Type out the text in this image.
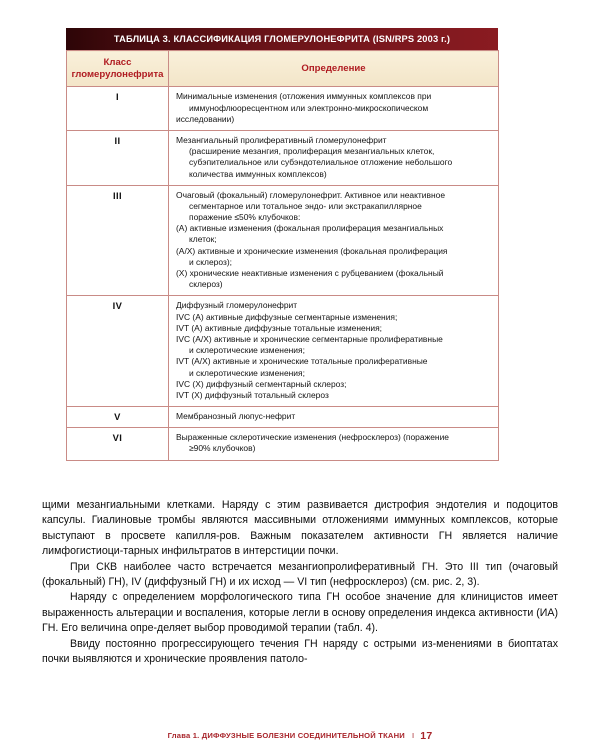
ТАБЛИЦА 3. КЛАССИФИКАЦИЯ ГЛОМЕРУЛОНЕФРИТА (ISN/RPS 2003 г.)
Класс
гломерулонефрита	Определение
I	Минимальные изменения (отложения иммунных комплексов при

иммунофлюоресцентном или электронно-микроскопическом

исследовании)

II	Мезангиальный пролиферативный гломерулонефрит

(расширение мезангия, пролиферация мезангиальных клеток,

субэпителиальное или субэндотелиальное отложение небольшого

количества иммунных комплексов)

III	Очаговый (фокальный) гломерулонефрит. Активное или неактивное

сегментарное или тотальное эндо- или экстракапиллярное

поражение ≤50% клубочков:

(А) активные изменения (фокальная пролиферация мезангиальных

клеток;

(А/Х) активные и хронические изменения (фокальная пролиферация

и склероз);

(Х) хронические неактивные изменения с рубцеванием (фокальный

склероз)

IV	Диффузный гломерулонефрит

IVC (А) активные диффузные сегментарные изменения;

IVT (А) активные диффузные тотальные изменения;

IVC (А/Х) активные и хронические сегментарные пролиферативные

и склеротические изменения;

IVT (А/Х) активные и хронические тотальные пролиферативные

и склеротические изменения;

IVC (Х) диффузный сегментарный склероз;

IVT (Х) диффузный тотальный склероз

V	Мембранозный люпус-нефрит

VI	Выраженные склеротические изменения (нефросклероз) (поражение

≥90% клубочков)

щими мезангиальными клетками. Наряду с этим развивается дистрофия эндотелия и подоцитов капсулы. Гиалиновые тромбы являются массивными отложениями иммунных комплексов, которые выступают в просвете капилля-ров. Важным показателем активности ГН является наличие лимфогистиоци-тарных инфильтратов в интерстиции почки.

При СКВ наиболее часто встречается мезангиопролиферативный ГН. Это III тип (очаговый (фокальный) ГН), IV (диффузный ГН) и их исход — VI тип (нефросклероз) (см. рис. 2, 3).

Наряду с определением морфологического типа ГН особое значение для клиницистов имеет выраженность альтерации и воспаления, которые легли в основу определения индекса активности (ИА) ГН. Его величина опре-деляет выбор проводимой терапии (табл. 4).

Ввиду постоянно прогрессирующего течения ГН наряду с острыми из-менениями в биоптатах почки выявляются и хронические проявления патоло-

Глава 1. ДИФФУЗНЫЕ БОЛЕЗНИ СОЕДИНИТЕЛЬНОЙ ТКАНИ I 17
